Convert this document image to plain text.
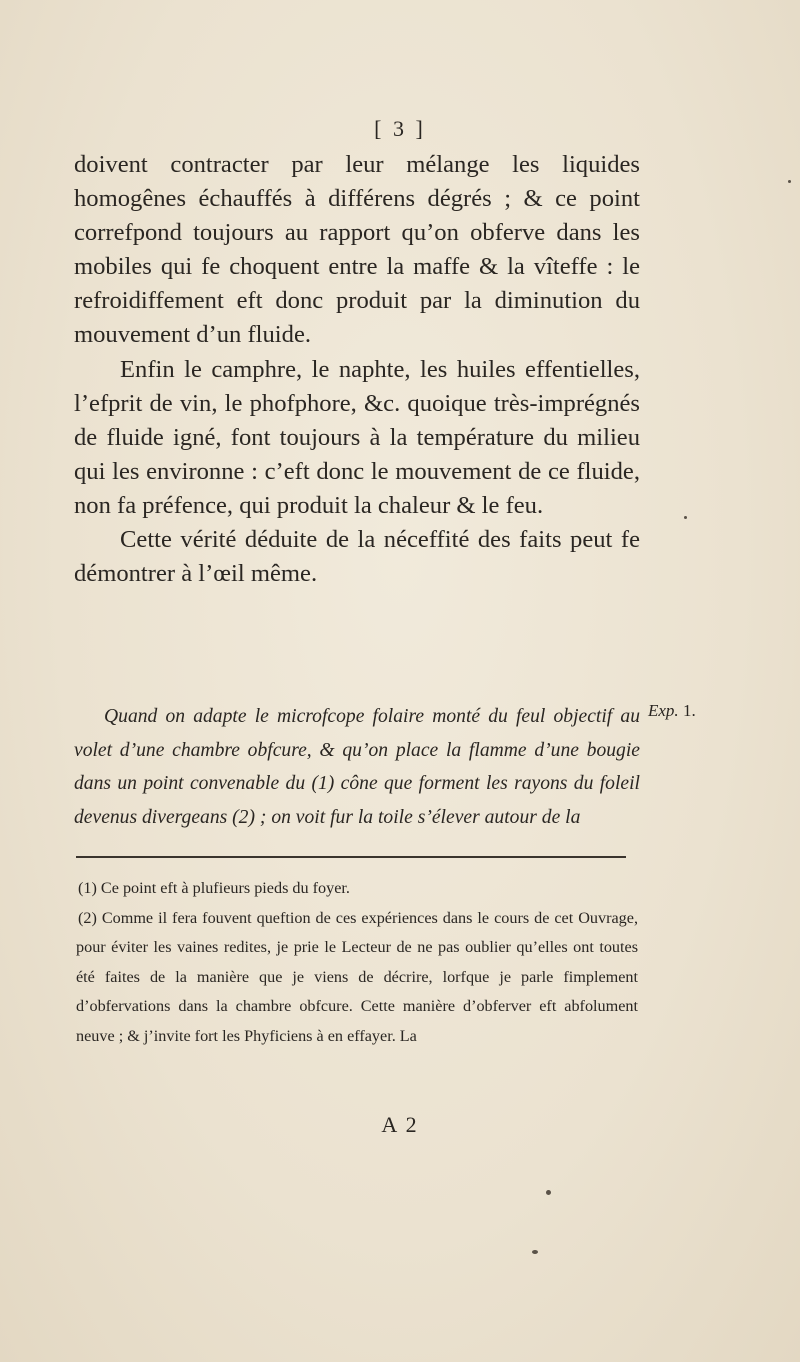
[ 3 ]

doivent contracter par leur mélange les liquides homogênes échauffés à différens dégrés ; & ce point correfpond toujours au rapport qu’on obferve dans les mobiles qui fe choquent entre la maffe & la vîteffe : le refroidiffement eft donc produit par la diminution du mouvement d’un fluide.

Enfin le camphre, le naphte, les huiles effentielles, l’efprit de vin, le phofphore, &c. quoique très-imprégnés de fluide igné, font toujours à la température du milieu qui les environne : c’eft donc le mouvement de ce fluide, non fa préfence, qui produit la chaleur & le feu.

Cette vérité déduite de la néceffité des faits peut fe démontrer à l’œil même.

Quand on adapte le microfcope folaire monté du feul objectif au volet d’une chambre obfcure, & qu’on place la flamme d’une bougie dans un point convenable du (1) cône que forment les rayons du foleil devenus divergeans (2) ; on voit fur la toile s’élever autour de la

Exp. 1.

(1) Ce point eft à plufieurs pieds du foyer.

(2) Comme il fera fouvent queftion de ces expériences dans le cours de cet Ouvrage, pour éviter les vaines redites, je prie le Lecteur de ne pas oublier qu’elles ont toutes été faites de la manière que je viens de décrire, lorfque je parle fimplement d’obfervations dans la chambre obfcure. Cette manière d’obferver eft abfolument neuve ; & j’invite fort les Phyficiens à en effayer. La

A 2
